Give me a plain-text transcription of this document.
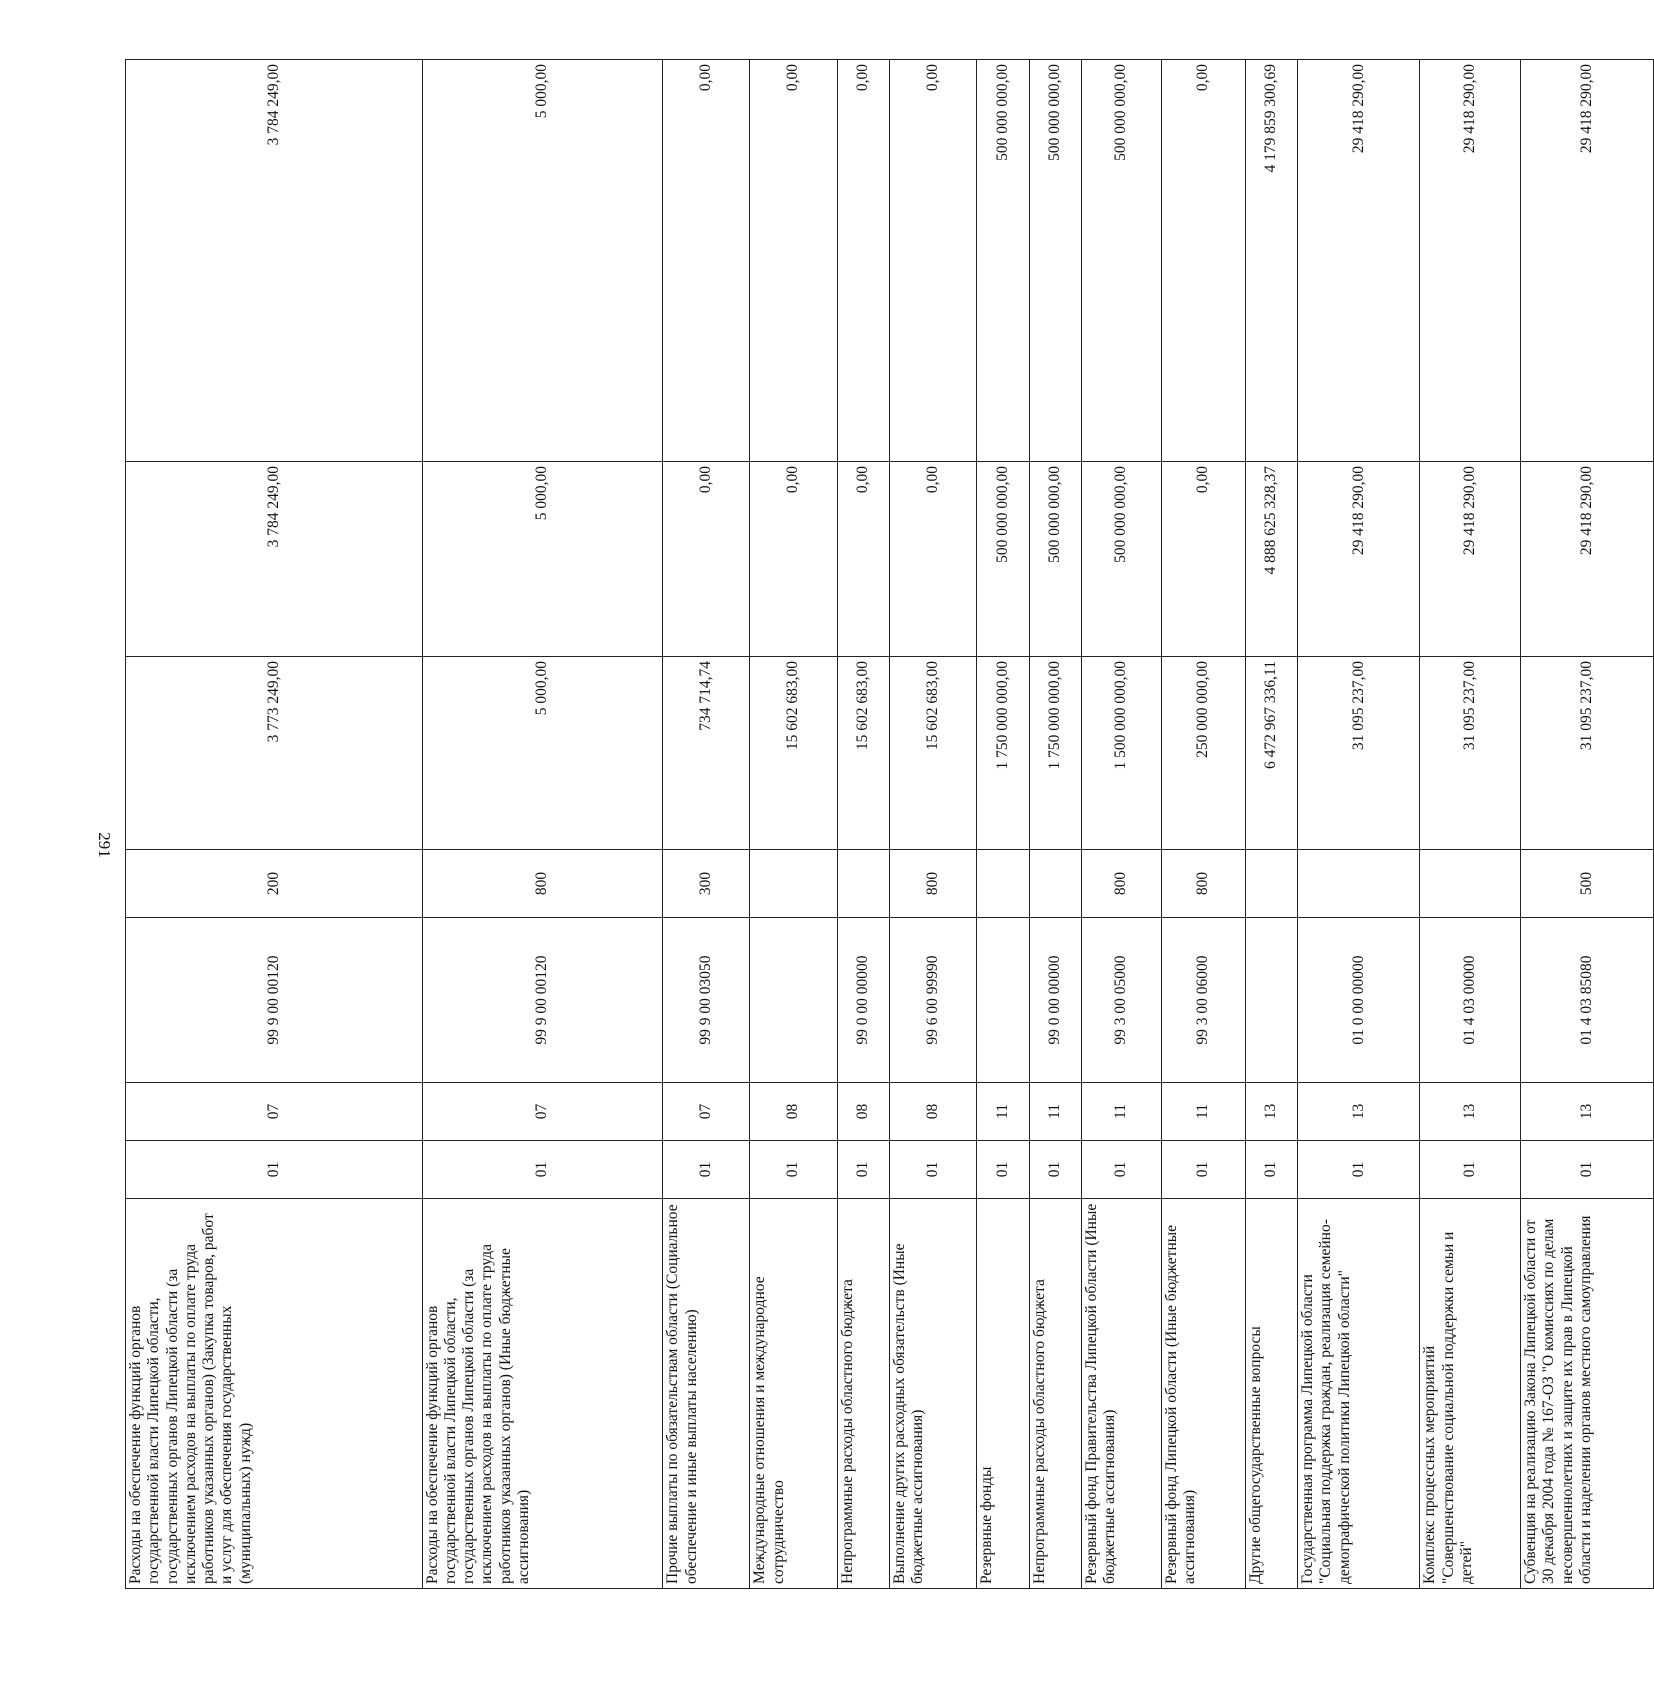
291
Расходы на обеспечение функций органов государственной власти Липецкой области, государственных органов Липецкой области (за исключением расходов на выплаты по оплате труда работников указанных органов) (Закупка товаров, работ и услуг для обеспечения государственных (муниципальных) нужд)	01	07	99 9 00 00120	200	3 773 249,00	3 784 249,00	3 784 249,00
Расходы на обеспечение функций органов государственной власти Липецкой области, государственных органов Липецкой области (за исключением расходов на выплаты по оплате труда работников указанных органов) (Иные бюджетные ассигнования)	01	07	99 9 00 00120	800	5 000,00	5 000,00	5 000,00
Прочие выплаты по обязательствам области (Социальное обеспечение и иные выплаты населению)	01	07	99 9 00 03050	300	734 714,74	0,00	0,00
Международные отношения и международное сотрудничество	01	08			15 602 683,00	0,00	0,00
Непрограммные расходы областного бюджета	01	08	99 0 00 00000		15 602 683,00	0,00	0,00
Выполнение других расходных обязательств (Иные бюджетные ассигнования)	01	08	99 6 00 99990	800	15 602 683,00	0,00	0,00
Резервные фонды	01	11			1 750 000 000,00	500 000 000,00	500 000 000,00
Непрограммные расходы областного бюджета	01	11	99 0 00 00000		1 750 000 000,00	500 000 000,00	500 000 000,00
Резервный фонд Правительства Липецкой области (Иные бюджетные ассигнования)	01	11	99 3 00 05000	800	1 500 000 000,00	500 000 000,00	500 000 000,00
Резервный фонд Липецкой области (Иные бюджетные ассигнования)	01	11	99 3 00 06000	800	250 000 000,00	0,00	0,00
Другие общегосударственные вопросы	01	13			6 472 967 336,11	4 888 625 328,37	4 179 859 300,69
Государственная программа Липецкой области "Социальная поддержка граждан, реализация семейно-демографической политики Липецкой области"	01	13	01 0 00 00000		31 095 237,00	29 418 290,00	29 418 290,00
Комплекс процессных мероприятий "Совершенствование социальной поддержки семьи и детей"	01	13	01 4 03 00000		31 095 237,00	29 418 290,00	29 418 290,00
Субвенция на реализацию Закона Липецкой области от 30 декабря 2004 года № 167-ОЗ "О комиссиях по делам несовершеннолетних и защите их прав в Липецкой области и наделении органов местного самоуправления	01	13	01 4 03 85080	500	31 095 237,00	29 418 290,00	29 418 290,00
